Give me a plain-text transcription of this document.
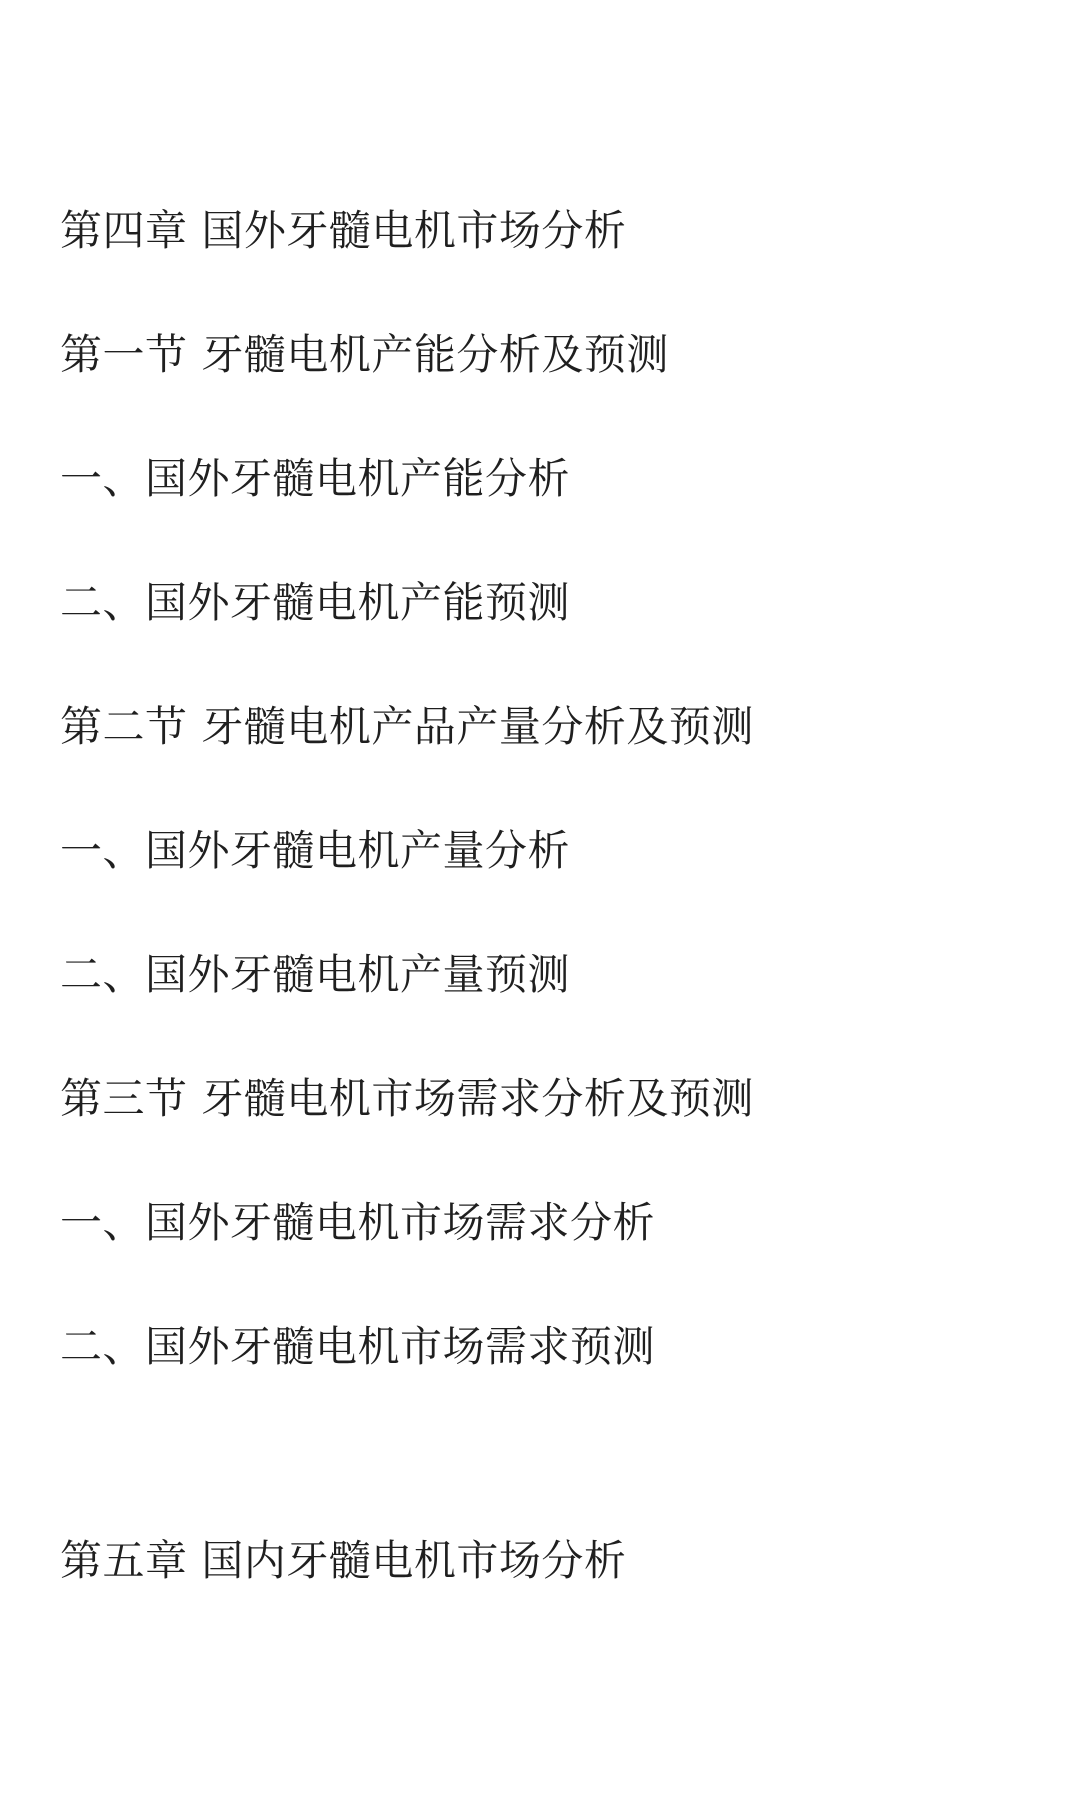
第四章 国外牙髓电机市场分析
第一节 牙髓电机产能分析及预测
一、国外牙髓电机产能分析
二、国外牙髓电机产能预测
第二节 牙髓电机产品产量分析及预测
一、国外牙髓电机产量分析
二、国外牙髓电机产量预测
第三节 牙髓电机市场需求分析及预测
一、国外牙髓电机市场需求分析
二、国外牙髓电机市场需求预测
第五章 国内牙髓电机市场分析
